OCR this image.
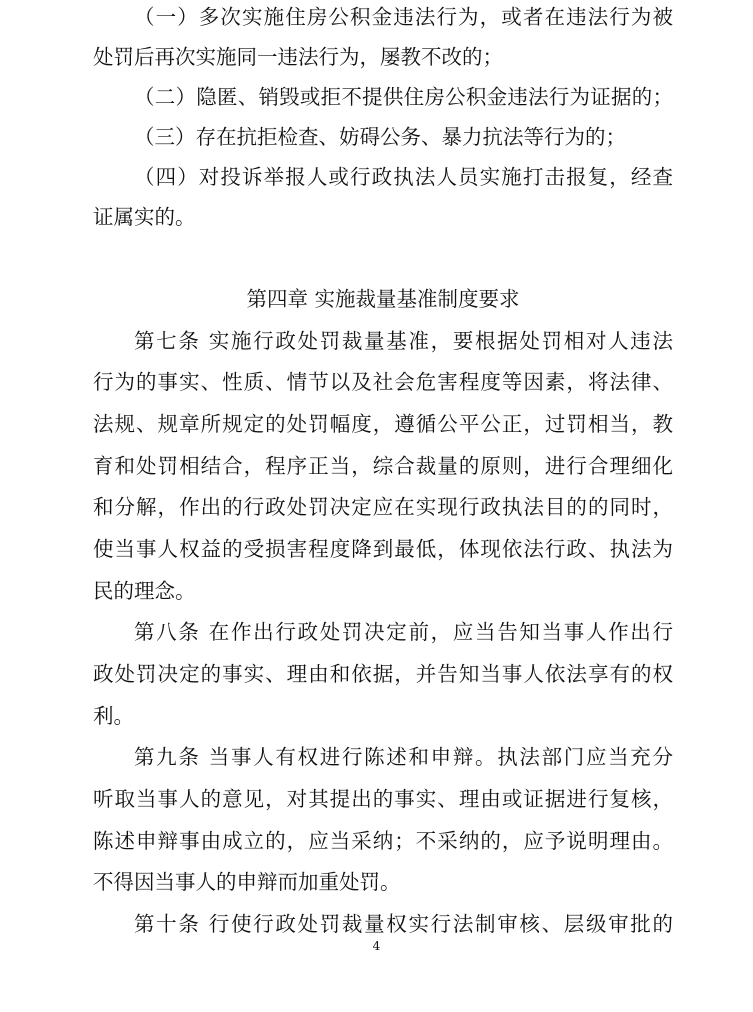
（一）多次实施住房公积金违法行为，或者在违法行为被
处罚后再次实施同一违法行为，屡教不改的；
（二）隐匿、销毁或拒不提供住房公积金违法行为证据的；
（三）存在抗拒检查、妨碍公务、暴力抗法等行为的；
（四）对投诉举报人或行政执法人员实施打击报复，经查
证属实的。
第四章 实施裁量基准制度要求
第七条 实施行政处罚裁量基准，要根据处罚相对人违法
行为的事实、性质、情节以及社会危害程度等因素，将法律、
法规、规章所规定的处罚幅度，遵循公平公正，过罚相当，教
育和处罚相结合，程序正当，综合裁量的原则，进行合理细化
和分解，作出的行政处罚决定应在实现行政执法目的的同时，
使当事人权益的受损害程度降到最低，体现依法行政、执法为
民的理念。
第八条 在作出行政处罚决定前，应当告知当事人作出行
政处罚决定的事实、理由和依据，并告知当事人依法享有的权
利。
第九条 当事人有权进行陈述和申辩。执法部门应当充分
听取当事人的意见，对其提出的事实、理由或证据进行复核，
陈述申辩事由成立的，应当采纳；不采纳的，应予说明理由。
不得因当事人的申辩而加重处罚。
第十条 行使行政处罚裁量权实行法制审核、层级审批的
4
